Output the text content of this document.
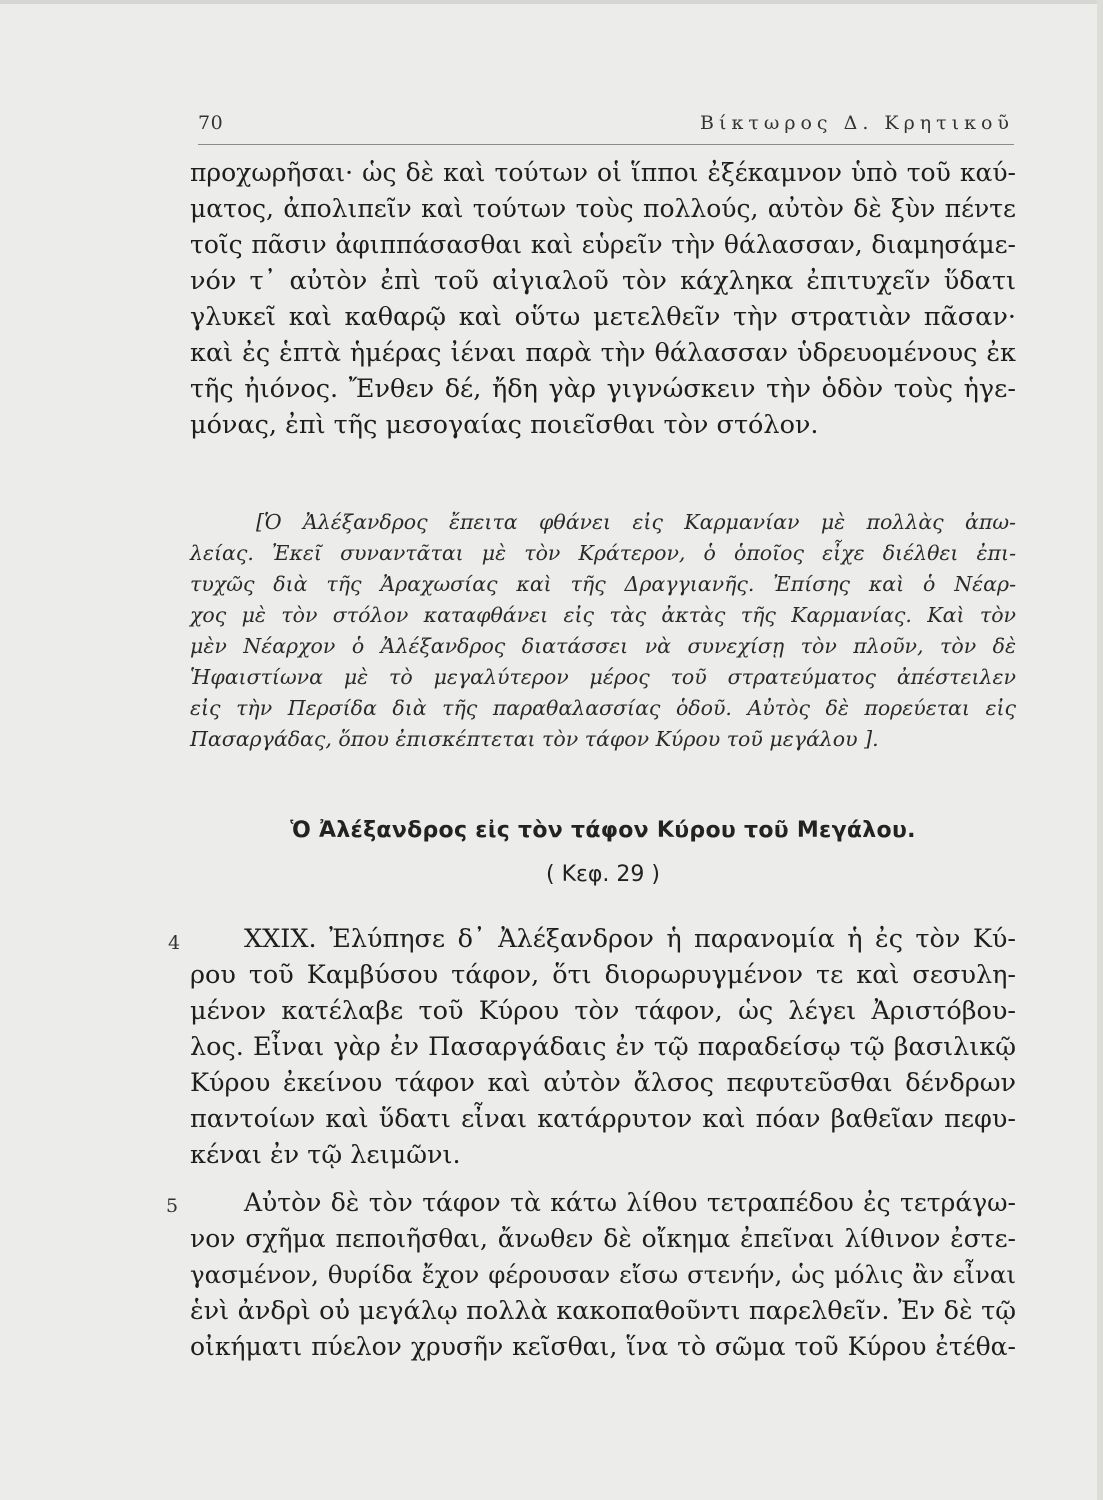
70	Βίκτωρος Δ. Κρητικοῦ
προχωρῆσαι· ὡς δὲ καὶ τούτων οἱ ἵπποι ἐξέκαμνον ὑπὸ τοῦ καύ-
ματος, ἀπολιπεῖν καὶ τούτων τοὺς πολλούς, αὐτὸν δὲ ξὺν πέντε
τοῖς πᾶσιν ἀφιππάσασθαι καὶ εὑρεῖν τὴν θάλασσαν, διαμησάμε-
νόν τ᾽ αὐτὸν ἐπὶ τοῦ αἰγιαλοῦ τὸν κάχληκα ἐπιτυχεῖν ὕδατι
γλυκεῖ καὶ καθαρῷ καὶ οὕτω μετελθεῖν τὴν στρατιὰν πᾶσαν·
καὶ ἐς ἑπτὰ ἡμέρας ἰέναι παρὰ τὴν θάλασσαν ὑδρευομένους ἐκ
τῆς ἠιόνος. Ἔνθεν δέ, ἤδη γὰρ γιγνώσκειν τὴν ὁδὸν τοὺς ἡγε-
μόνας, ἐπὶ τῆς μεσογαίας ποιεῖσθαι τὸν στόλον.
[Ὁ Ἀλέξανδρος ἔπειτα φθάνει εἰς Καρμανίαν μὲ πολλὰς ἀπω-
λείας. Ἐκεῖ συναντᾶται μὲ τὸν Κράτερον, ὁ ὁποῖος εἶχε διέλθει ἐπι-
τυχῶς διὰ τῆς Ἀραχωσίας καὶ τῆς Δραγγιανῆς. Ἐπίσης καὶ ὁ Νέαρ-
χος μὲ τὸν στόλον καταφθάνει εἰς τὰς ἀκτὰς τῆς Καρμανίας. Καὶ τὸν
μὲν Νέαρχον ὁ Ἀλέξανδρος διατάσσει νὰ συνεχίσῃ τὸν πλοῦν, τὸν δὲ
Ἡφαιστίωνα μὲ τὸ μεγαλύτερον μέρος τοῦ στρατεύματος ἀπέστειλεν
εἰς τὴν Περσίδα διὰ τῆς παραθαλασσίας ὁδοῦ. Αὐτὸς δὲ πορεύεται εἰς
Πασαργάδας, ὅπου ἐπισκέπτεται τὸν τάφον Κύρου τοῦ μεγάλου ].
Ὁ Ἀλέξανδρος εἰς τὸν τάφον Κύρου τοῦ Μεγάλου.
( Κεφ. 29 )
4	XXIX. Ἐλύπησε δ᾽ Ἀλέξανδρον ἡ παρανομία ἡ ἐς τὸν Κύ-
ρου τοῦ Καμβύσου τάφον, ὅτι διορωρυγμένον τε καὶ σεσυλη-
μένον κατέλαβε τοῦ Κύρου τὸν τάφον, ὡς λέγει Ἀριστόβου-
λος. Εἶναι γὰρ ἐν Πασαργάδαις ἐν τῷ παραδείσῳ τῷ βασιλικῷ
Κύρου ἐκείνου τάφον καὶ αὐτὸν ἄλσος πεφυτεῦσθαι δένδρων
παντοίων καὶ ὕδατι εἶναι κατάρρυτον καὶ πόαν βαθεῖαν πεφυ-
κέναι ἐν τῷ λειμῶνι.
5	Αὐτὸν δὲ τὸν τάφον τὰ κάτω λίθου τετραπέδου ἐς τετράγω-
νον σχῆμα πεποιῆσθαι, ἄνωθεν δὲ οἴκημα ἐπεῖναι λίθινον ἐστε-
γασμένον, θυρίδα ἔχον φέρουσαν εἴσω στενήν, ὡς μόλις ἂν εἶναι
ἑνὶ ἀνδρὶ οὐ μεγάλῳ πολλὰ κακοπαθοῦντι παρελθεῖν. Ἐν δὲ τῷ
οἰκήματι πύελον χρυσῆν κεῖσθαι, ἵνα τὸ σῶμα τοῦ Κύρου ἐτέθα-
